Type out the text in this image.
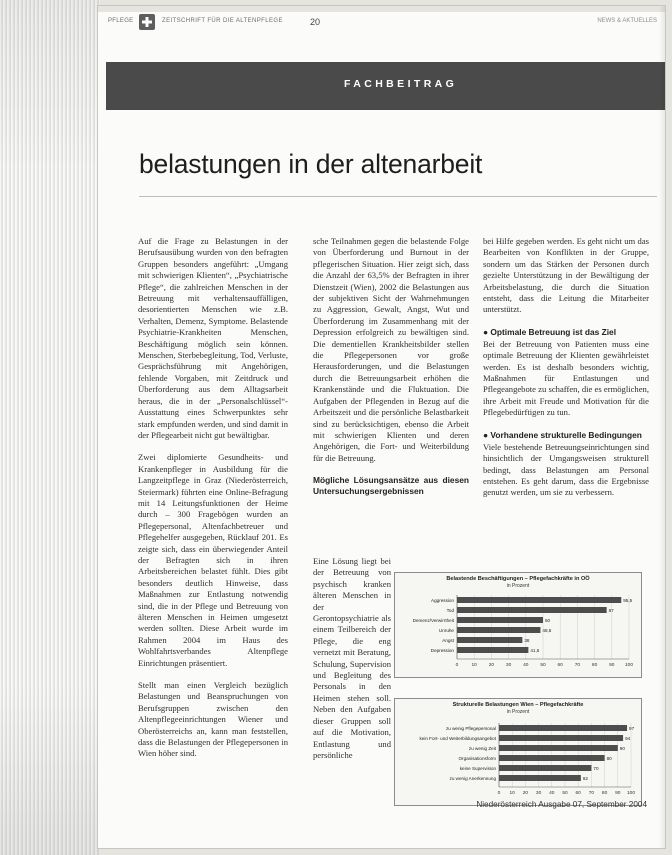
PFLEGE	ZEITSCHRIFT FÜR DIE ALTENPFLEGE	20	NEWS & AKTUELLES
FACHBEITRAG
belastungen in der altenarbeit

Auf die Frage zu Belastungen in der Berufsausübung wurden von den befragten Gruppen besonders angeführt: „Umgang mit schwierigen Klienten“, „Psychiatrische Pflege“, die zahlreichen Menschen in der Betreuung mit verhaltensauffälligen, desorientierten Menschen wie z.B. Verhalten, Demenz, Symptome. Belastende Psychiatrie-Krankheiten Menschen, Beschäftigung möglich sein können. Menschen, Sterbebegleitung, Tod, Verluste, Gesprächsführung mit Angehörigen, fehlende Vorgaben, mit Zeitdruck und Überforderung aus dem Alltagsarbeit heraus, die in der „Personalschlüssel“-Ausstattung eines Schwerpunktes sehr stark empfunden werden, und sind damit in der Pflegearbeit nicht gut bewältigbar.

Zwei diplomierte Gesundheits- und Krankenpfleger in Ausbildung für die Langzeitpflege in Graz (Niederösterreich, Steiermark) führten eine Online-Befragung mit 14 Leitungsfunktionen der Heime durch – 300 Fragebögen wurden an Pflegepersonal, Altenfachbetreuer und Pflegehelfer ausgegeben, Rücklauf 201. Es zeigte sich, dass ein überwiegender Anteil der Befragten sich in ihren Arbeitsbereichen belastet fühlt. Dies gibt besonders deutlich Hinweise, dass Maßnahmen zur Entlastung notwendig sind, die in der Pflege und Betreuung von älteren Menschen in Heimen umgesetzt werden sollten. Diese Arbeit wurde im Rahmen 2004 im Haus des Wohlfahrtsverbandes Altenpflege Einrichtungen präsentiert.

Stellt man einen Vergleich bezüglich Belastungen und Beanspruchungen von Berufsgruppen zwischen den Altenpflegeeinrichtungen Wiener und Oberösterreichs an, kann man feststellen, dass die Belastungen der Pflegepersonen in Wien höher sind.

sche Teilnahmen gegen die belastende Folge von Überforderung und Burnout in der pflegerischen Situation. Hier zeigt sich, dass die Anzahl der 63,5% der Befragten in ihrer Dienstzeit (Wien), 2002 die Belastungen aus der subjektiven Sicht der Wahrnehmungen zu Aggression, Gewalt, Angst, Wut und Überforderung im Zusammenhang mit der Depression erfolgreich zu bewältigen sind. Die dementiellen Krankheitsbilder stellen die Pflegepersonen vor große Herausforderungen, und die Belastungen durch die Betreuungsarbeit erhöhen die Krankenstände und die Fluktuation. Die Aufgaben der Pflegenden in Bezug auf die Arbeitszeit und die persönliche Belastbarkeit sind zu berücksichtigen, ebenso die Arbeit mit schwierigen Klienten und deren Angehörigen, die Fort- und Weiterbildung für die Betreuung.

Mögliche Lösungsansätze aus diesen Untersuchungsergebnissen
Eine Lösung liegt bei der Betreuung von psychisch kranken älteren Menschen in der Gerontopsychiatrie als einem Teilbereich der Pflege, die eng vernetzt mit Beratung, Schulung, Supervision und Begleitung des Personals in den Heimen stehen soll. Neben den Aufgaben dieser Gruppen soll auf die Motivation, Entlastung und persönliche

bei Hilfe gegeben werden. Es geht nicht um das Bearbeiten von Konflikten in der Gruppe, sondern um das Stärken der Personen durch gezielte Unterstützung in der Bewältigung der Arbeitsbelastung, die durch die Situation entsteht, dass die Leitung die Mitarbeiter unterstützt.

● Optimale Betreuung ist das Ziel

Bei der Betreuung von Patienten muss eine optimale Betreuung der Klienten gewährleistet werden. Es ist deshalb besonders wichtig, Maßnahmen für Entlastungen und Pflegeangebote zu schaffen, die es ermöglichen, ihre Arbeit mit Freude und Motivation für die Pflegebedürftigen zu tun.

● Vorhandene strukturelle Bedingungen

Viele bestehende Betreuungseinrichtungen sind hinsichtlich der Umgangsweisen strukturell bedingt, dass Belastungen am Personal entstehen. Es geht darum, dass die Ergebnisse genutzt werden, um sie zu verbessern.

Belastende Beschäftigungen – Pflegefachkräfte in OÖ
in Prozent
0	10 20 30 40 50 60 70 80 90 100
Aggression	95,5
Tod	87
Demenz/Verwirrtheit	50
Unruhe	48,5
Angst	38
Depression	41,5
Strukturelle Belastungen Wien – Pflegefachkräfte
in Prozent
0 10 20 30 40 50 60 70 80 90 100
zu wenig Pflegepersonal	97
kein Fort- und Weiterbildungsangebot	94
zu wenig Zeit	90
Organisationsform	80
keine Supervision	70
zu wenig Anerkennung	62
Niederösterreich Ausgabe 07, September 2004
